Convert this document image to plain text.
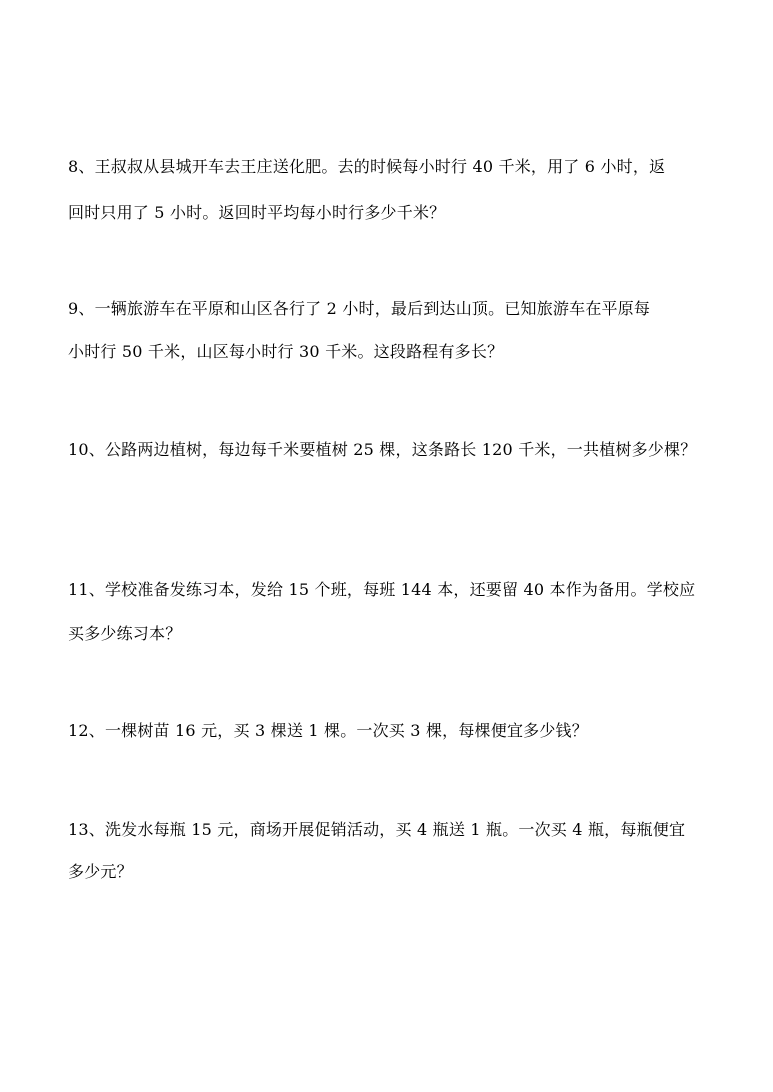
8、王叔叔从县城开车去王庄送化肥。去的时候每小时行 40 千米，用了 6 小时，返
回时只用了 5 小时。返回时平均每小时行多少千米？
9、一辆旅游车在平原和山区各行了 2 小时，最后到达山顶。已知旅游车在平原每
小时行 50 千米，山区每小时行 30 千米。这段路程有多长？
10、公路两边植树，每边每千米要植树 25 棵，这条路长 120 千米，一共植树多少棵？
11、学校准备发练习本，发给 15 个班，每班 144 本，还要留 40 本作为备用。学校应
买多少练习本？
12、一棵树苗 16 元，买 3 棵送 1 棵。一次买 3 棵，每棵便宜多少钱？
13、洗发水每瓶 15 元，商场开展促销活动，买 4 瓶送 1 瓶。一次买 4 瓶，每瓶便宜
多少元？
